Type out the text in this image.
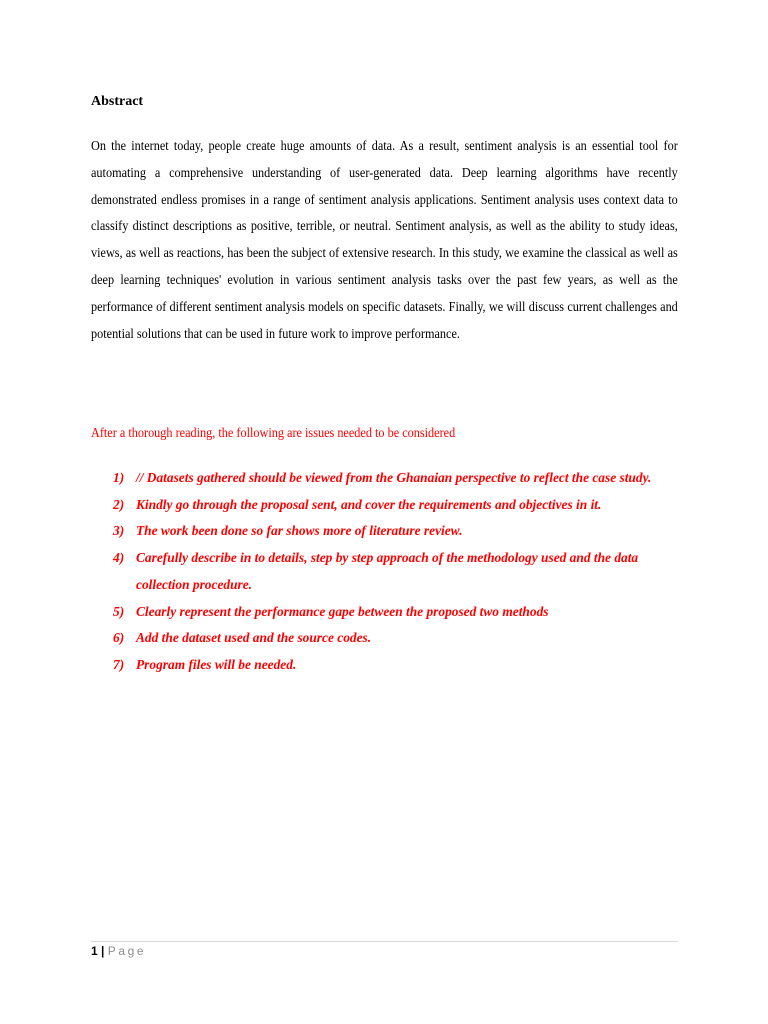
Abstract

On the internet today, people create huge amounts of data. As a result, sentiment analysis is an essential tool for automating a comprehensive understanding of user-generated data. Deep learning algorithms have recently demonstrated endless promises in a range of sentiment analysis applications. Sentiment analysis uses context data to classify distinct descriptions as positive, terrible, or neutral. Sentiment analysis, as well as the ability to study ideas, views, as well as reactions, has been the subject of extensive research. In this study, we examine the classical as well as deep learning techniques' evolution in various sentiment analysis tasks over the past few years, as well as the performance of different sentiment analysis models on specific datasets. Finally, we will discuss current challenges and potential solutions that can be used in future work to improve performance.

After a thorough reading, the following are issues needed to be considered

1) // Datasets gathered should be viewed from the Ghanaian perspective to reflect the case study.
2) Kindly go through the proposal sent, and cover the requirements and objectives in it.
3) The work been done so far shows more of literature review.
4) Carefully describe in to details, step by step approach of the methodology used and the data collection procedure.
5) Clearly represent the performance gape between the proposed two methods
6) Add the dataset used and the source codes.
7) Program files will be needed.
1 | Page
